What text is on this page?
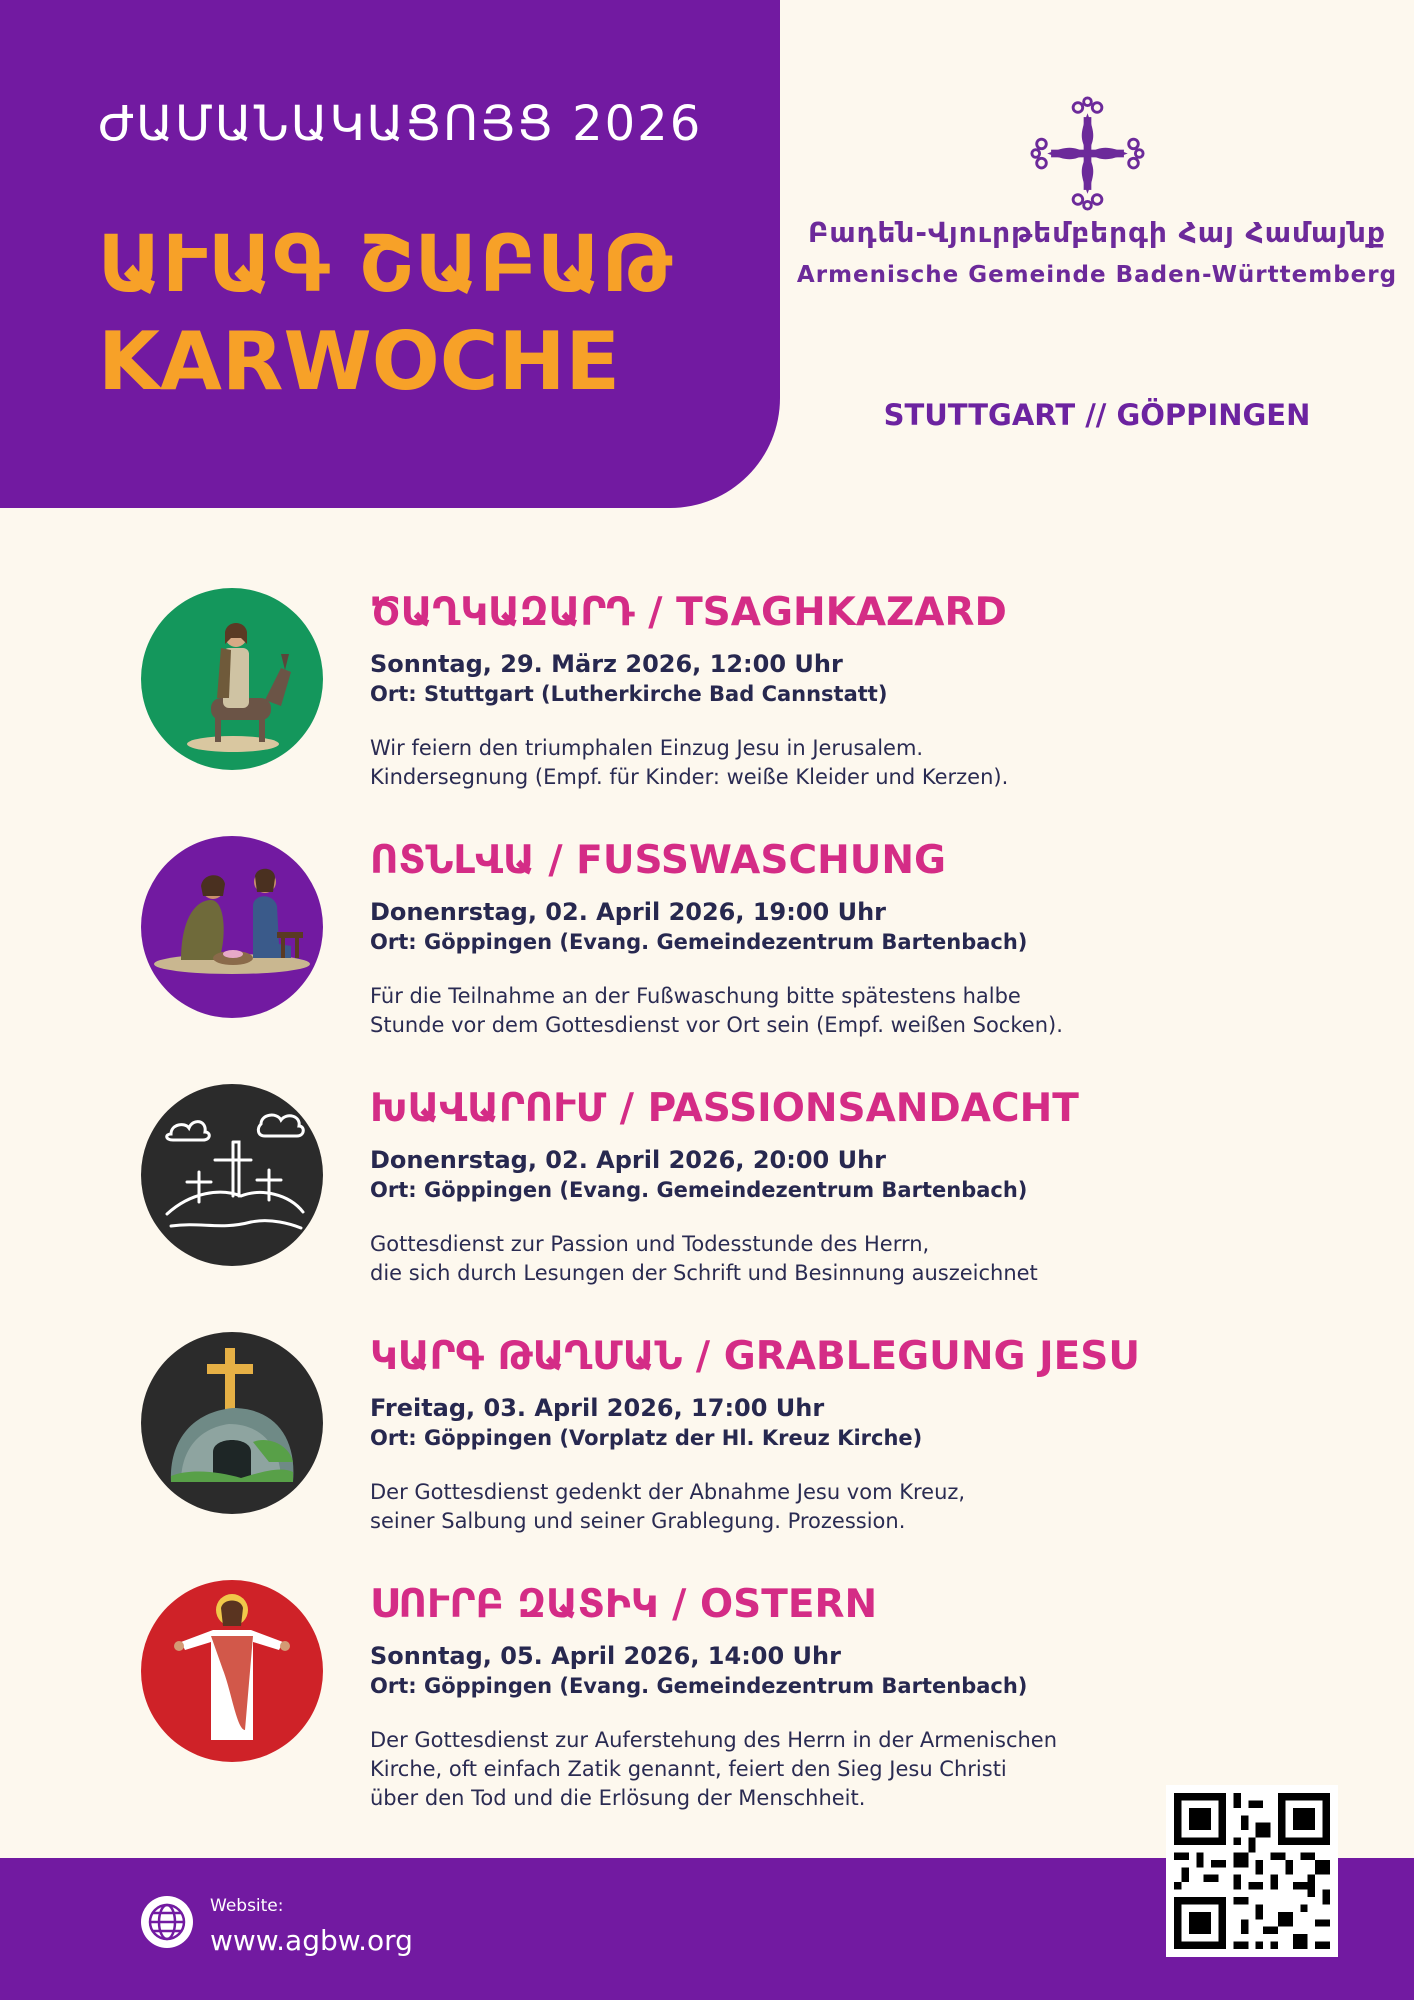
ԺԱՄԱՆԱԿԱՑՈՅՑ 2026
ԱՒԱԳ ՇԱԲԱԹ
KARWOCHE
Բադեն-Վյուրթեմբերգի Հայ Համայնք
Armenische Gemeinde Baden-Württemberg
STUTTGART // GÖPPINGEN
ԾԱՂԿԱԶԱՐԴ / TSAGHKAZARD
Sonntag, 29. März 2026, 12:00 Uhr
Ort: Stuttgart (Lutherkirche Bad Cannstatt)
Wir feiern den triumphalen Einzug Jesu in Jerusalem.
Kindersegnung (Empf. für Kinder: weiße Kleider und Kerzen).
ՈՏՆԼՎԱ / FUSSWASCHUNG
Donenrstag, 02. April 2026, 19:00 Uhr
Ort: Göppingen (Evang. Gemeindezentrum Bartenbach)
Für die Teilnahme an der Fußwaschung bitte spätestens halbe
Stunde vor dem Gottesdienst vor Ort sein (Empf. weißen Socken).
ԽԱՎԱՐՈՒՄ / PASSIONSANDACHT
Donenrstag, 02. April 2026, 20:00 Uhr
Ort: Göppingen (Evang. Gemeindezentrum Bartenbach)
Gottesdienst zur Passion und Todesstunde des Herrn,
die sich durch Lesungen der Schrift und Besinnung auszeichnet
ԿԱՐԳ ԹԱՂՄԱՆ / GRABLEGUNG JESU
Freitag, 03. April 2026, 17:00 Uhr
Ort: Göppingen (Vorplatz der Hl. Kreuz Kirche)
Der Gottesdienst gedenkt der Abnahme Jesu vom Kreuz,
seiner Salbung und seiner Grablegung. Prozession.
ՍՈՒՐԲ ԶԱՏԻԿ / OSTERN
Sonntag, 05. April 2026, 14:00 Uhr
Ort: Göppingen (Evang. Gemeindezentrum Bartenbach)
Der Gottesdienst zur Auferstehung des Herrn in der Armenischen
Kirche, oft einfach Zatik genannt, feiert den Sieg Jesu Christi
über den Tod und die Erlösung der Menschheit.
Website:
www.agbw.org
